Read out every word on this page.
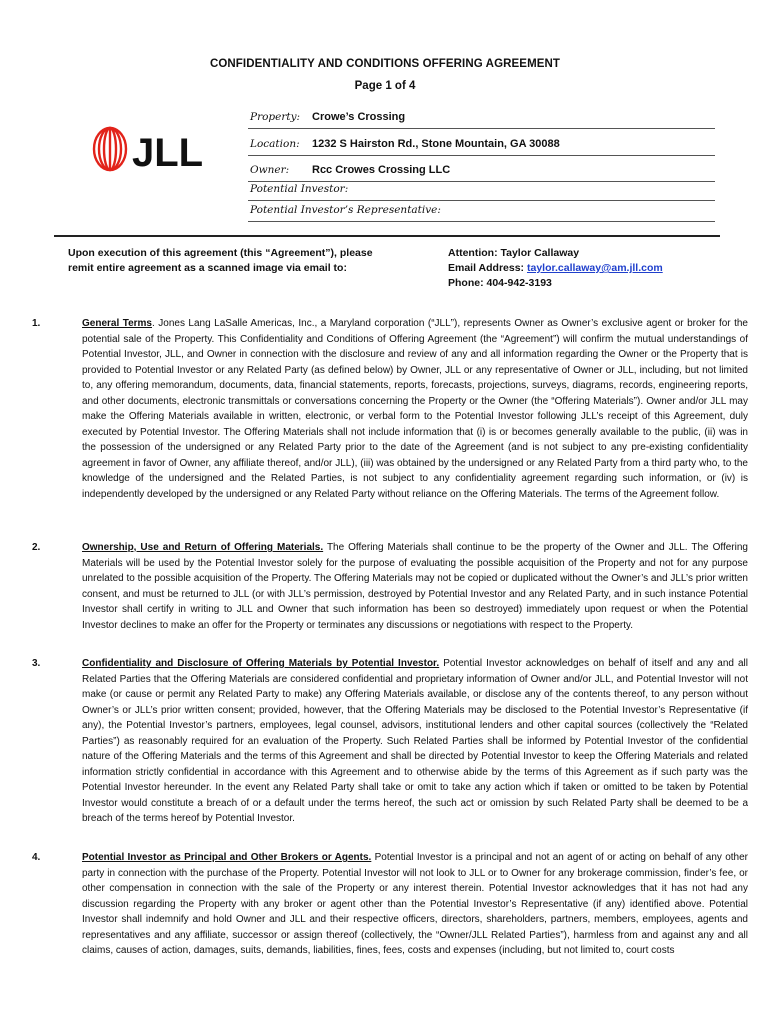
CONFIDENTIALITY AND CONDITIONS OFFERING AGREEMENT
Page 1 of 4
JLL
Property: Crowe’s Crossing
Location: 1232 S Hairston Rd., Stone Mountain, GA 30088
Owner: Rcc Crowes Crossing LLC
Potential Investor:
Potential Investor’s Representative:
Upon execution of this agreement (this “Agreement”), please
remit entire agreement as a scanned image via email to:
Attention: Taylor Callaway
Email Address: taylor.callaway@am.jll.com
Phone: 404-942-3193
1.	General Terms. Jones Lang LaSalle Americas, Inc., a Maryland corporation (“JLL”), represents Owner as Owner’s exclusive agent or broker for the potential sale of the Property. This Confidentiality and Conditions of Offering Agreement (the “Agreement”) will confirm the mutual understandings of Potential Investor, JLL, and Owner in connection with the disclosure and review of any and all information regarding the Owner or the Property that is provided to Potential Investor or any Related Party (as defined below) by Owner, JLL or any representative of Owner or JLL, including, but not limited to, any offering memorandum, documents, data, financial statements, reports, forecasts, projections, surveys, diagrams, records, engineering reports, and other documents, electronic transmittals or conversations concerning the Property or the Owner (the “Offering Materials”). Owner and/or JLL may make the Offering Materials available in written, electronic, or verbal form to the Potential Investor following JLL’s receipt of this Agreement, duly executed by Potential Investor. The Offering Materials shall not include information that (i) is or becomes generally available to the public, (ii) was in the possession of the undersigned or any Related Party prior to the date of the Agreement (and is not subject to any pre-existing confidentiality agreement in favor of Owner, any affiliate thereof, and/or JLL), (iii) was obtained by the undersigned or any Related Party from a third party who, to the knowledge of the undersigned and the Related Parties, is not subject to any confidentiality agreement regarding such information, or (iv) is independently developed by the undersigned or any Related Party without reliance on the Offering Materials. The terms of the Agreement follow.
2.	Ownership, Use and Return of Offering Materials. The Offering Materials shall continue to be the property of the Owner and JLL. The Offering Materials will be used by the Potential Investor solely for the purpose of evaluating the possible acquisition of the Property and not for any purpose unrelated to the possible acquisition of the Property. The Offering Materials may not be copied or duplicated without the Owner’s and JLL’s prior written consent, and must be returned to JLL (or with JLL’s permission, destroyed by Potential Investor and any Related Party, and in such instance Potential Investor shall certify in writing to JLL and Owner that such information has been so destroyed) immediately upon request or when the Potential Investor declines to make an offer for the Property or terminates any discussions or negotiations with respect to the Property.
3.	Confidentiality and Disclosure of Offering Materials by Potential Investor. Potential Investor acknowledges on behalf of itself and any and all Related Parties that the Offering Materials are considered confidential and proprietary information of Owner and/or JLL, and Potential Investor will not make (or cause or permit any Related Party to make) any Offering Materials available, or disclose any of the contents thereof, to any person without Owner’s or JLL’s prior written consent; provided, however, that the Offering Materials may be disclosed to the Potential Investor’s Representative (if any), the Potential Investor’s partners, employees, legal counsel, advisors, institutional lenders and other capital sources (collectively the “Related Parties”) as reasonably required for an evaluation of the Property. Such Related Parties shall be informed by Potential Investor of the confidential nature of the Offering Materials and the terms of this Agreement and shall be directed by Potential Investor to keep the Offering Materials and related information strictly confidential in accordance with this Agreement and to otherwise abide by the terms of this Agreement as if such party was the Potential Investor hereunder. In the event any Related Party shall take or omit to take any action which if taken or omitted to be taken by Potential Investor would constitute a breach of or a default under the terms hereof, the such act or omission by such Related Party shall be deemed to be a breach of the terms hereof by Potential Investor.
4.	Potential Investor as Principal and Other Brokers or Agents. Potential Investor is a principal and not an agent of or acting on behalf of any other party in connection with the purchase of the Property. Potential Investor will not look to JLL or to Owner for any brokerage commission, finder’s fee, or other compensation in connection with the sale of the Property or any interest therein. Potential Investor acknowledges that it has not had any discussion regarding the Property with any broker or agent other than the Potential Investor’s Representative (if any) identified above. Potential Investor shall indemnify and hold Owner and JLL and their respective officers, directors, shareholders, partners, members, employees, agents and representatives and any affiliate, successor or assign thereof (collectively, the “Owner/JLL Related Parties”), harmless from and against any and all claims, causes of action, damages, suits, demands, liabilities, fines, fees, costs and expenses (including, but not limited to, court costs
